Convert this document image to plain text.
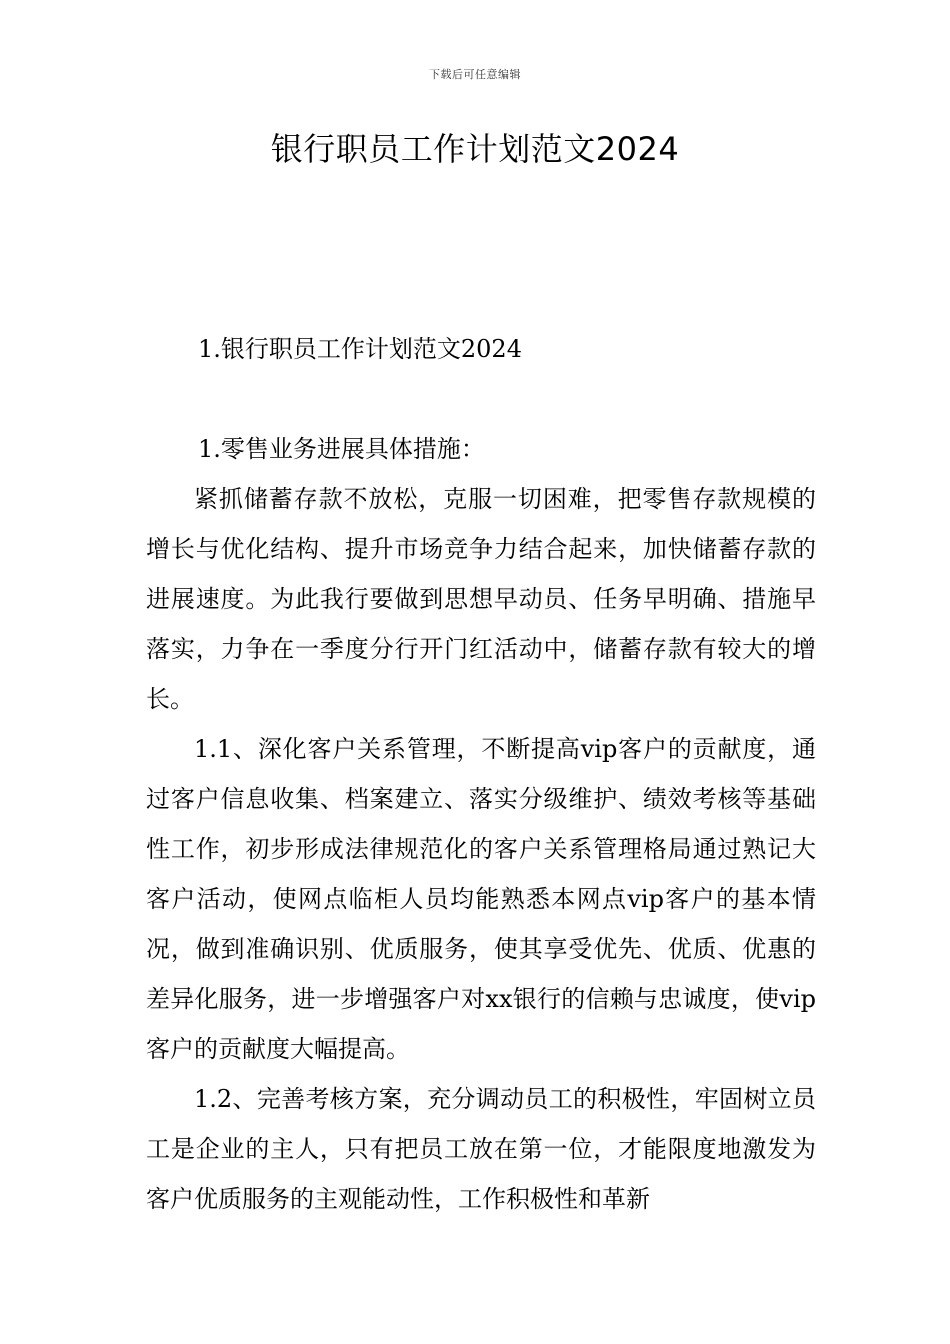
下载后可任意编辑
银行职员工作计划范文2024

1.银行职员工作计划范文2024

1.零售业务进展具体措施：

紧抓储蓄存款不放松，克服一切困难，把零售存款规模的增长与优化结构、提升市场竞争力结合起来，加快储蓄存款的进展速度。为此我行要做到思想早动员、任务早明确、措施早落实，力争在一季度分行开门红活动中，储蓄存款有较大的增长。

1.1、深化客户关系管理，不断提高vip客户的贡献度，通过客户信息收集、档案建立、落实分级维护、绩效考核等基础性工作，初步形成法律规范化的客户关系管理格局通过熟记大客户活动，使网点临柜人员均能熟悉本网点vip客户的基本情况，做到准确识别、优质服务，使其享受优先、优质、优惠的差异化服务，进一步增强客户对xx银行的信赖与忠诚度，使vip客户的贡献度大幅提高。

1.2、完善考核方案，充分调动员工的积极性，牢固树立员工是企业的主人，只有把员工放在第一位，才能限度地激发为客户优质服务的主观能动性，工作积极性和革新
